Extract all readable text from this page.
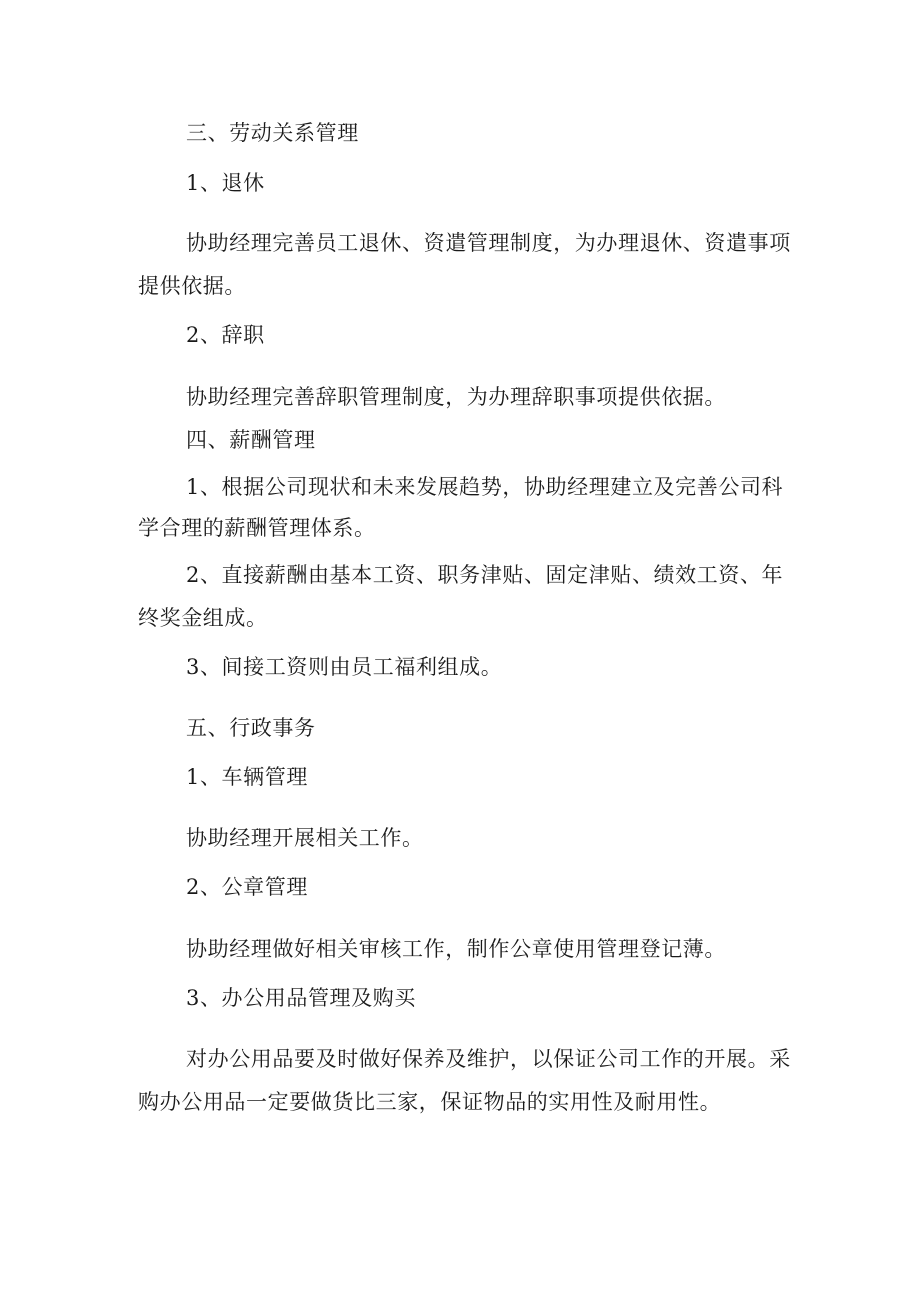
三、劳动关系管理
1、退休
协助经理完善员工退休、资遣管理制度，为办理退休、资遣事项
提供依据。
2、辞职
协助经理完善辞职管理制度，为办理辞职事项提供依据。
四、薪酬管理
1、根据公司现状和未来发展趋势，协助经理建立及完善公司科
学合理的薪酬管理体系。
2、直接薪酬由基本工资、职务津贴、固定津贴、绩效工资、年
终奖金组成。
3、间接工资则由员工福利组成。
五、行政事务
1、车辆管理
协助经理开展相关工作。
2、公章管理
协助经理做好相关审核工作，制作公章使用管理登记薄。
3、办公用品管理及购买
对办公用品要及时做好保养及维护，以保证公司工作的开展。采
购办公用品一定要做货比三家，保证物品的实用性及耐用性。
